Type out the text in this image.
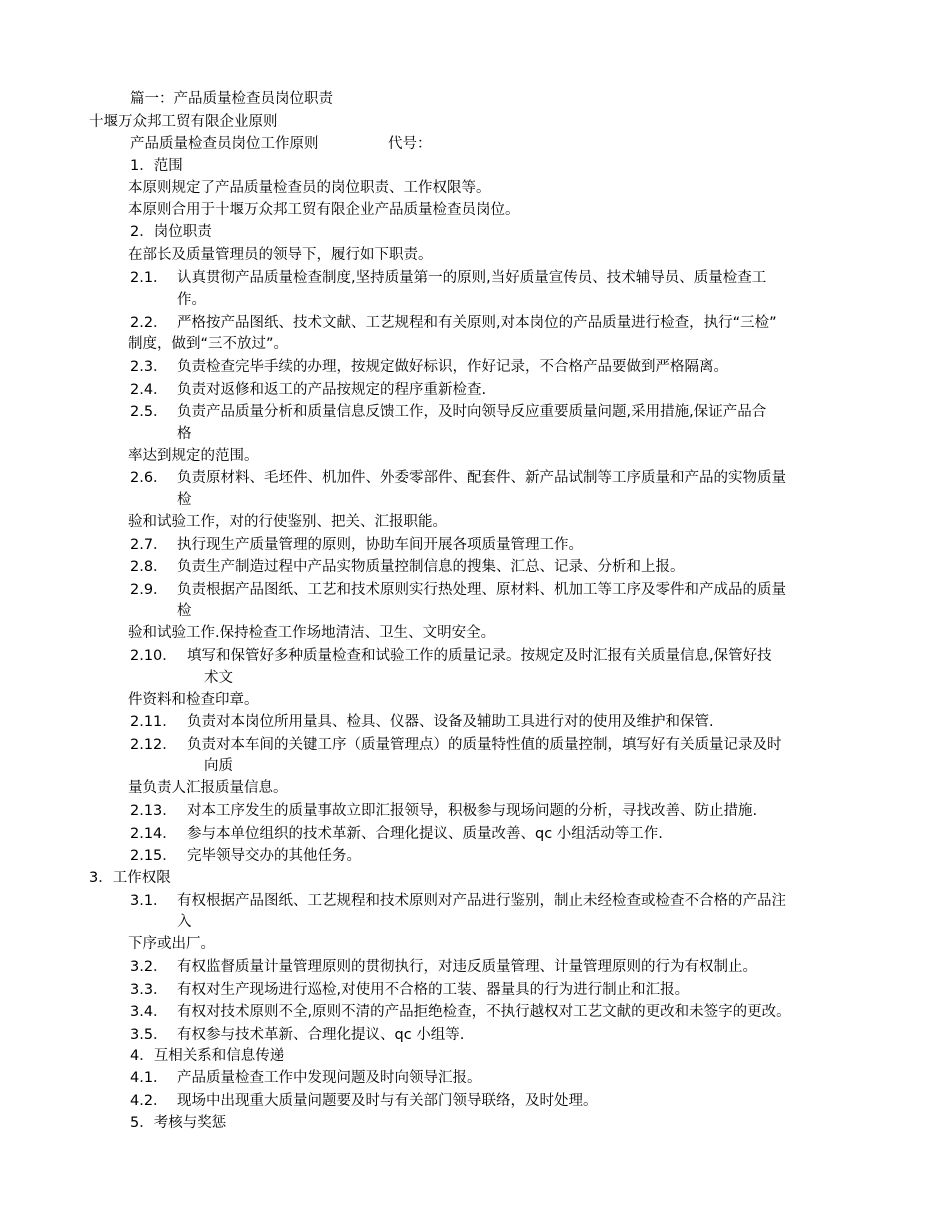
篇一：产品质量检查员岗位职责
十堰万众邦工贸有限企业原则
产品质量检查员岗位工作原则	代号：
1．范围
本原则规定了产品质量检查员的岗位职责、工作权限等。
本原则合用于十堰万众邦工贸有限企业产品质量检查员岗位。
2．岗位职责
在部长及质量管理员的领导下，履行如下职责。
2.1． 认真贯彻产品质量检查制度,坚持质量第一的原则,当好质量宣传员、技术辅导员、质量检查工
作。
2.2． 严格按产品图纸、技术文献、工艺规程和有关原则,对本岗位的产品质量进行检查，执行“三检”
制度，做到“三不放过”。
2.3． 负责检查完毕手续的办理，按规定做好标识，作好记录，不合格产品要做到严格隔离。
2.4． 负责对返修和返工的产品按规定的程序重新检查.
2.5． 负责产品质量分析和质量信息反馈工作，及时向领导反应重要质量问题,采用措施,保证产品合
格
率达到规定的范围。
2.6． 负责原材料、毛坯件、机加件、外委零部件、配套件、新产品试制等工序质量和产品的实物质量
检
验和试验工作，对的行使鉴别、把关、汇报职能。
2.7． 执行现生产质量管理的原则，协助车间开展各项质量管理工作。
2.8． 负责生产制造过程中产品实物质量控制信息的搜集、汇总、记录、分析和上报。
2.9． 负责根据产品图纸、工艺和技术原则实行热处理、原材料、机加工等工序及零件和产成品的质量
检
验和试验工作.保持检查工作场地清洁、卫生、文明安全。
2.10． 填写和保管好多种质量检查和试验工作的质量记录。按规定及时汇报有关质量信息,保管好技
术文
件资料和检查印章。
2.11． 负责对本岗位所用量具、检具、仪器、设备及辅助工具进行对的使用及维护和保管.
2.12． 负责对本车间的关键工序（质量管理点）的质量特性值的质量控制，填写好有关质量记录及时
向质
量负责人汇报质量信息。
2.13． 对本工序发生的质量事故立即汇报领导，积极参与现场问题的分析，寻找改善、防止措施.
2.14． 参与本单位组织的技术革新、合理化提议、质量改善、qc 小组活动等工作.
2.15． 完毕领导交办的其他任务。
3．工作权限
3.1． 有权根据产品图纸、工艺规程和技术原则对产品进行鉴别，制止未经检查或检查不合格的产品注
入
下序或出厂。
3.2． 有权监督质量计量管理原则的贯彻执行，对违反质量管理、计量管理原则的行为有权制止。
3.3． 有权对生产现场进行巡检,对使用不合格的工装、器量具的行为进行制止和汇报。
3.4． 有权对技术原则不全,原则不清的产品拒绝检查，不执行越权对工艺文献的更改和未签字的更改。
3.5． 有权参与技术革新、合理化提议、qc 小组等.
4．互相关系和信息传递
4.1． 产品质量检查工作中发现问题及时向领导汇报。
4.2． 现场中出现重大质量问题要及时与有关部门领导联络，及时处理。
5．考核与奖惩
